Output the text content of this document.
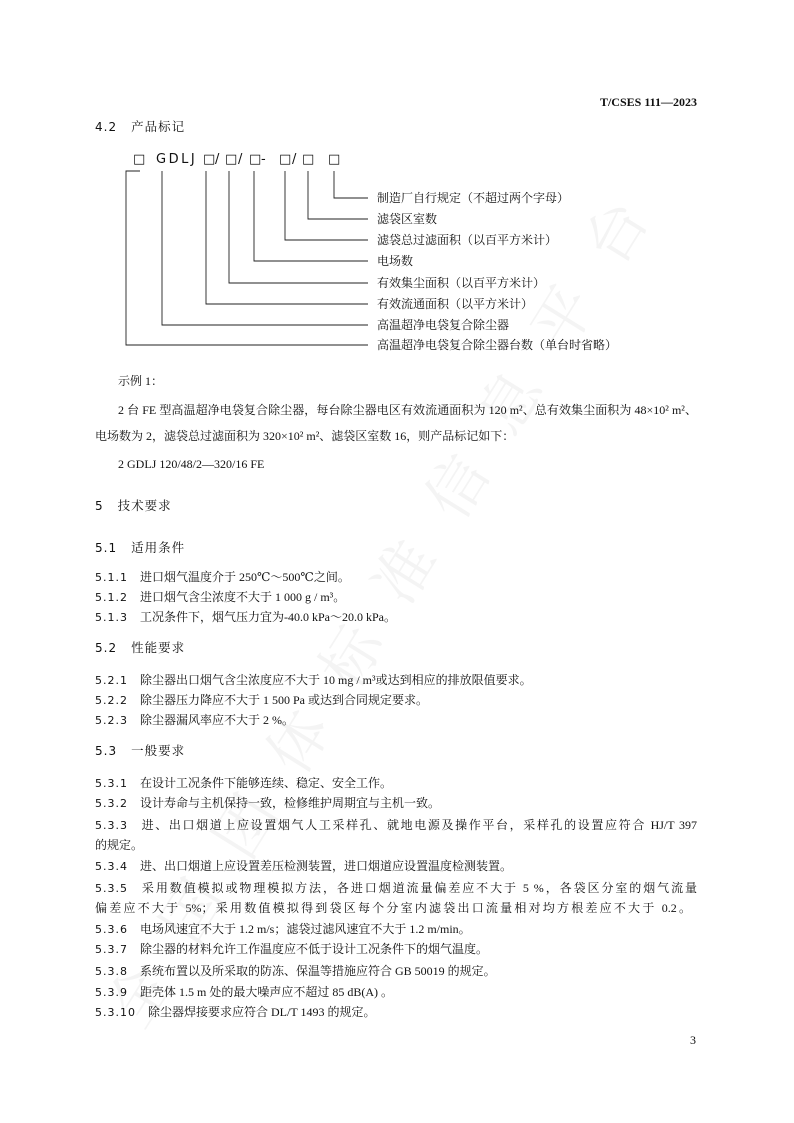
T/CSES 111—2023
4.2 产品标记
□ GDLJ □ / □ / □ - □ / □ □
制造厂自行规定（不超过两个字母）
滤袋区室数
滤袋总过滤面积（以百平方米计）
电场数
有效集尘面积（以百平方米计）
有效流通面积（以平方米计）
高温超净电袋复合除尘器
高温超净电袋复合除尘器台数（单台时省略）
示例 1：
2 台 FE 型高温超净电袋复合除尘器，每台除尘器电区有效流通面积为 120 m²、总有效集尘面积为 48×10² m²、
电场数为 2，滤袋总过滤面积为 320×10² m²、滤袋区室数 16，则产品标记如下：
2 GDLJ 120/48/2—320/16 FE
5 技术要求
5.1 适用条件
5.1.1 进口烟气温度介于 250℃～500℃之间。
5.1.2 进口烟气含尘浓度不大于 1 000 g / m³。
5.1.3 工况条件下，烟气压力宜为-40.0 kPa～20.0 kPa。
5.2 性能要求
5.2.1 除尘器出口烟气含尘浓度应不大于 10 mg / m³或达到相应的排放限值要求。
5.2.2 除尘器压力降应不大于 1 500 Pa 或达到合同规定要求。
5.2.3 除尘器漏风率应不大于 2 %。
5.3 一般要求
5.3.1 在设计工况条件下能够连续、稳定、安全工作。
5.3.2 设计寿命与主机保持一致，检修维护周期宜与主机一致。
5.3.3 进、出口烟道上应设置烟气人工采样孔、就地电源及操作平台，采样孔的设置应符合 HJ/T 397
的规定。
5.3.4 进、出口烟道上应设置差压检测装置，进口烟道应设置温度检测装置。
5.3.5 采用数值模拟或物理模拟方法，各进口烟道流量偏差应不大于 5 %，各袋区分室的烟气流量
偏差应不大于 5%；采用数值模拟得到袋区每个分室内滤袋出口流量相对均方根差应不大于 0.2。
5.3.6 电场风速宜不大于 1.2 m/s；滤袋过滤风速宜不大于 1.2 m/min。
5.3.7 除尘器的材料允许工作温度应不低于设计工况条件下的烟气温度。
5.3.8 系统布置以及所采取的防冻、保温等措施应符合 GB 50019 的规定。
5.3.9 距壳体 1.5 m 处的最大噪声应不超过 85 dB(A) 。
5.3.10 除尘器焊接要求应符合 DL/T 1493 的规定。
3
